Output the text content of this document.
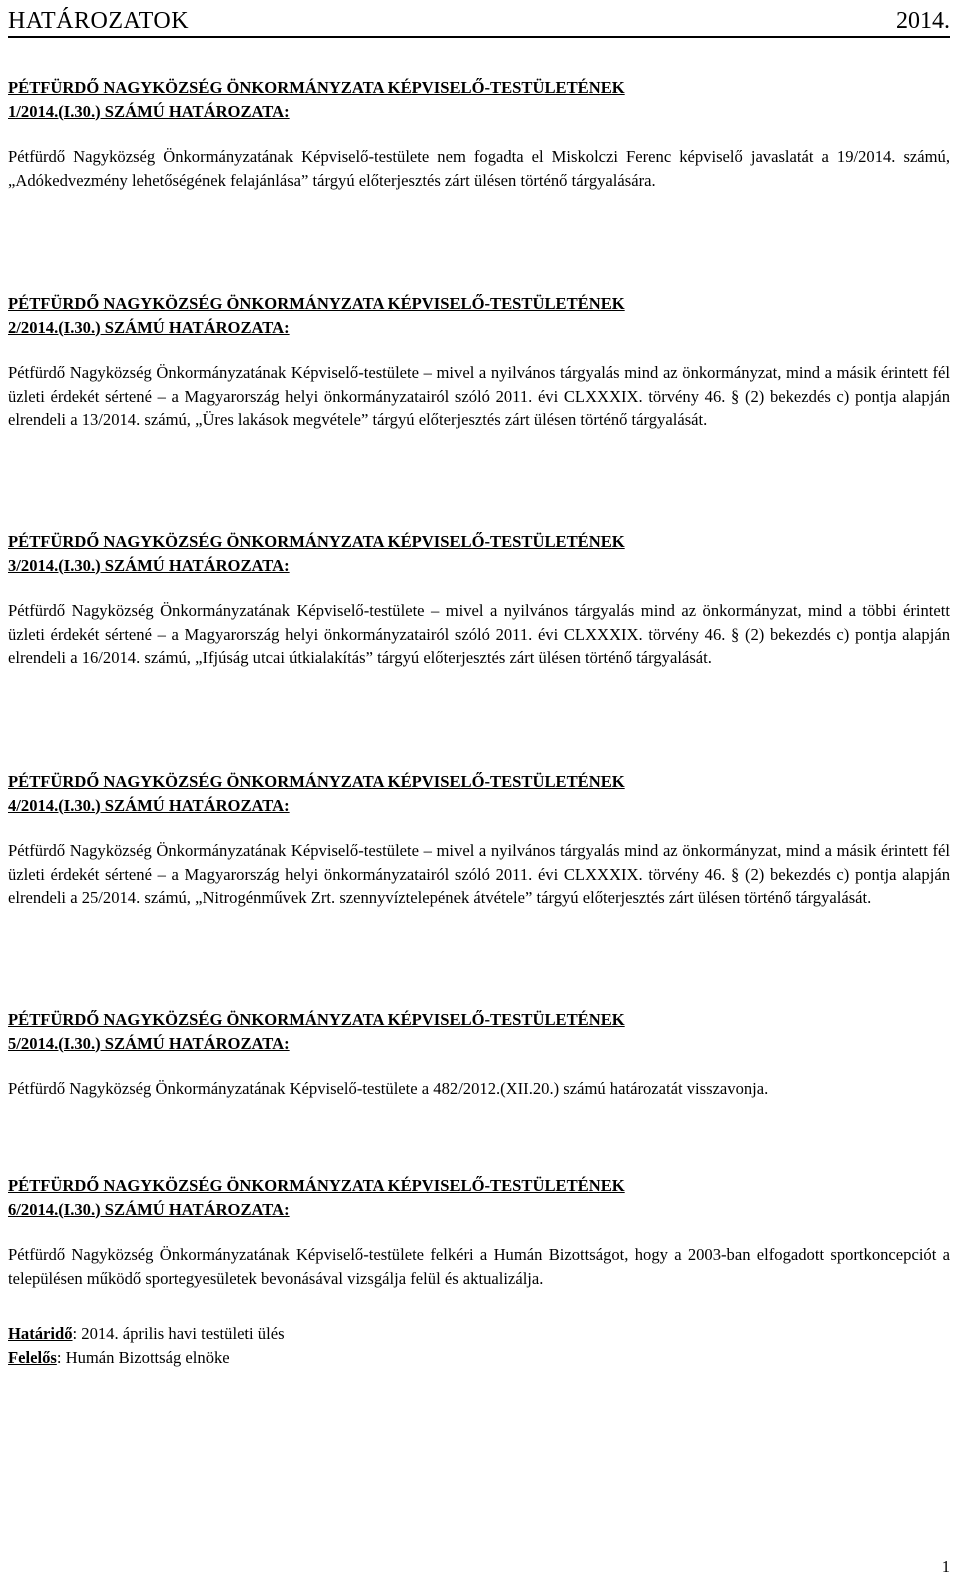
HATÁROZATOK	2014.

PÉTFÜRDŐ NAGYKÖZSÉG ÖNKORMÁNYZATA KÉPVISELŐ-TESTÜLETÉNEK
1/2014.(I.30.) SZÁMÚ HATÁROZATA:

Pétfürdő Nagyközség Önkormányzatának Képviselő-testülete nem fogadta el Miskolczi Ferenc képviselő javaslatát a 19/2014. számú, „Adókedvezmény lehetőségének felajánlása” tárgyú előterjesztés zárt ülésen történő tárgyalására.

PÉTFÜRDŐ NAGYKÖZSÉG ÖNKORMÁNYZATA KÉPVISELŐ-TESTÜLETÉNEK
2/2014.(I.30.) SZÁMÚ HATÁROZATA:

Pétfürdő Nagyközség Önkormányzatának Képviselő-testülete – mivel a nyilvános tárgyalás mind az önkormányzat, mind a másik érintett fél üzleti érdekét sértené – a Magyarország helyi önkormányzatairól szóló 2011. évi CLXXXIX. törvény 46. § (2) bekezdés c) pontja alapján elrendeli a 13/2014. számú, „Üres lakások megvétele” tárgyú előterjesztés zárt ülésen történő tárgyalását.

PÉTFÜRDŐ NAGYKÖZSÉG ÖNKORMÁNYZATA KÉPVISELŐ-TESTÜLETÉNEK
3/2014.(I.30.) SZÁMÚ HATÁROZATA:

Pétfürdő Nagyközség Önkormányzatának Képviselő-testülete – mivel a nyilvános tárgyalás mind az önkormányzat, mind a többi érintett üzleti érdekét sértené – a Magyarország helyi önkormányzatairól szóló 2011. évi CLXXXIX. törvény 46. § (2) bekezdés c) pontja alapján elrendeli a 16/2014. számú, „Ifjúság utcai útkialakítás” tárgyú előterjesztés zárt ülésen történő tárgyalását.

PÉTFÜRDŐ NAGYKÖZSÉG ÖNKORMÁNYZATA KÉPVISELŐ-TESTÜLETÉNEK
4/2014.(I.30.) SZÁMÚ HATÁROZATA:

Pétfürdő Nagyközség Önkormányzatának Képviselő-testülete – mivel a nyilvános tárgyalás mind az önkormányzat, mind a másik érintett fél üzleti érdekét sértené – a Magyarország helyi önkormányzatairól szóló 2011. évi CLXXXIX. törvény 46. § (2) bekezdés c) pontja alapján elrendeli a 25/2014. számú, „Nitrogénművek Zrt. szennyvíztelepének átvétele” tárgyú előterjesztés zárt ülésen történő tárgyalását.

PÉTFÜRDŐ NAGYKÖZSÉG ÖNKORMÁNYZATA KÉPVISELŐ-TESTÜLETÉNEK
5/2014.(I.30.) SZÁMÚ HATÁROZATA:

Pétfürdő Nagyközség Önkormányzatának Képviselő-testülete a 482/2012.(XII.20.) számú határozatát visszavonja.

PÉTFÜRDŐ NAGYKÖZSÉG ÖNKORMÁNYZATA KÉPVISELŐ-TESTÜLETÉNEK
6/2014.(I.30.) SZÁMÚ HATÁROZATA:

Pétfürdő Nagyközség Önkormányzatának Képviselő-testülete felkéri a Humán Bizottságot, hogy a 2003-ban elfogadott sportkoncepciót a településen működő sportegyesületek bevonásával vizsgálja felül és aktualizálja.

Határidő: 2014. április havi testületi ülés

Felelős: Humán Bizottság elnöke

1
